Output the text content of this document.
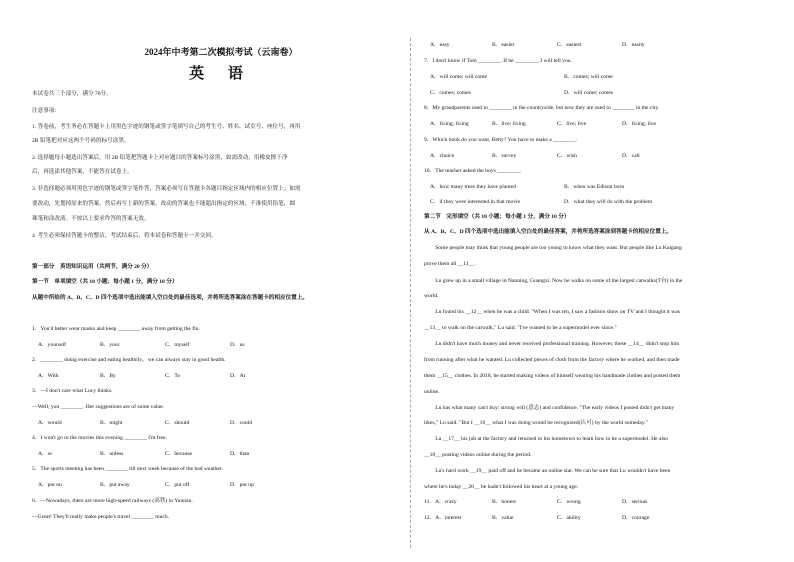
2024年中考第二次模拟考试（云南卷）
英 语
本试卷共三个部分，满分 70分。
注意事项：
1. 答卷前，考生务必在答题卡上用黑色字迹的钢笔或签字笔填写自己的考生号、姓名、试室号、座位号，再用
2B 铅笔把对应这两个号码的标号涂黑。
2. 选择题每小题选出答案后，用 2B 铅笔把答题卡上对应题目的答案标号涂黑，如需改动，用橡皮擦干净
后，再选涂其他答案，不能答在试卷上。
3. 非选择题必须用黑色字迹的钢笔或签字笔作答，答案必须写在答题卡各题目指定区域内的相应位置上；如需
要改动，先划掉原来的答案，然后再写上新的答案，改动的答案也不能超出指定的区域；不准使用铅笔，圆
珠笔和涂改液。不按以上要求作答的答案无效。
4. 考生必须保持答题卡的整洁，考试结束后，将本试卷和答题卡一并交回。
第一部分　英语知识运用（共两节，满分 20 分）
第一节　单项填空（共 10 小题；每小题 1 分，满分 10 分）
从题中所给的 A、B、C、D 四个选项中选出能填入空白处的最佳选项，并将所选答案涂在答题卡的相应位置上。
1．You'd better wear masks and keep ________ away from getting the flu.
A．yourself	B．your	C．myself	D．us
2．________ doing exercise and eating healthily，we can always stay in good health.
A．With	B．By	C．To	D．At
3．—I don't care what Lucy thinks.
—Well, you ________. Her suggestions are of some value.
A．would	B．might	C．should	D．could
4．I won't go to the movies this evening ________ I'm free.
A．or	B．unless	C．because	D．than
5．The sports meeting has been ________ till next week because of the bad weather.
A．put on	B．put away	C．put off	D．put up
6．—Nowadays, there are more high-speed railways (高铁) in Yunnan.
—Great! They'll really make people's travel ________ much.
A．easy	B．easier	C．easiest	D．easily
7．I don't know if Tom ________. If he ________, I will tell you.
A．will come; will come	B．comes; will come
C．comes; comes	D．will come; comes
8．My grandparents used to ________ in the countryside, but now they are used to ________ in the city.
A．living; living	B．live; living	C．live; live	D．living; live
9．Which book do you want, Betty? You have to make a ________.
A．choice	B．survey	C．wish	D．call
10．The teacher asked the boys ________.
A．how many trees they have planted	B．when was Edison born
C．if they were interested in that movie	D．what they will do with the problem
第二节　完形填空（共 10 小题；每小题 1 分，满分 10 分）
从 A、B、C、D 四个选项中选出能填入空白处的最佳答案，并将所选答案涂到答题卡的相应位置上。
　　Some people may think that young people are too young to know what they want. But people like Lu Kaigang
prove them all ＿11＿.
　　Lu grew up in a small village in Nanning, Guangxi. Now he walks on some of the largest catwalks(T台) in the
world.
　　Lu found his ＿12＿ when he was a child. "When I was ten, I saw a fashion show on TV and I thought it was
＿13＿ to walk on the catwalk," Lu said. "I've wanted to be a supermodel ever since."
　　Lu didn't have much money and never received professional training. However, these ＿14＿ didn't stop him
from running after what he wanted. Lu collected pieces of cloth from the factory where he worked, and then made
them ＿15＿ clothes. In 2018, he started making videos of himself wearing his handmade clothes and posted them
online.
　　Lu has what many can't buy: strong will (意志) and confidence. "The early videos I posted didn't get many
likes," Lu said. "But I ＿16＿ what I was doing would be recognized(认可) by the world someday."
　　Lu ＿17＿ his job at the factory and returned to his hometown to learn how to be a supermodel. He also
＿18＿ posting videos online during the period.
　　Lu's hard work ＿19＿ paid off and he became an online star. We can be sure that Lu wouldn't have been
where he's today ＿20＿ he hadn't followed his heart at a young age.
11．A．crazy	B．honest	C．wrong	D．serious
12．A．interest	B．value	C．ability	D．courage
